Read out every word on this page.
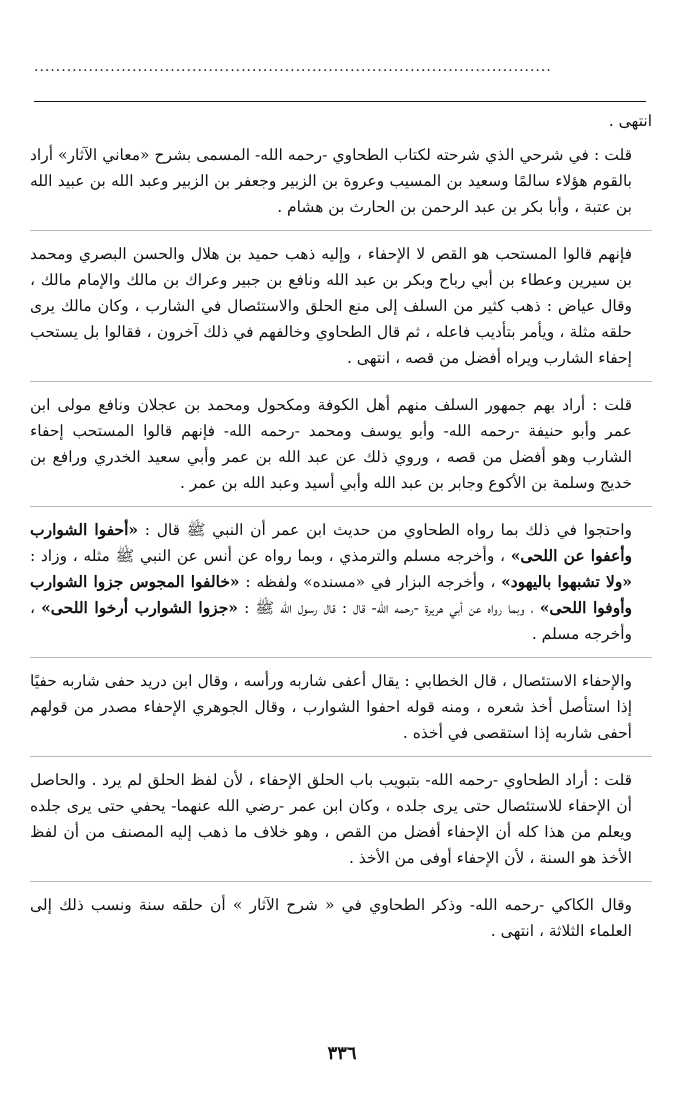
...............................................................................................

انتهى .

قلت : في شرحي الذي شرحته لكتاب الطحاوي -رحمه الله- المسمى بشرح «معاني الآثار» أراد بالقوم هؤلاء سالمًا وسعيد بن المسيب وعروة بن الزبير وجعفر بن الزبير وعبد الله بن عبيد الله بن عتبة ، وأبا بكر بن عبد الرحمن بن الحارث بن هشام .

فإنهم قالوا المستحب هو القص لا الإحفاء ، وإليه ذهب حميد بن هلال والحسن البصري ومحمد بن سيرين وعطاء بن أبي رباح وبكر بن عبد الله ونافع بن جبير وعراك بن مالك والإمام مالك ، وقال عياض : ذهب كثير من السلف إلى منع الحلق والاستئصال في الشارب ، وكان مالك يرى حلقه مثلة ، ويأمر بتأديب فاعله ، ثم قال الطحاوي وخالفهم في ذلك آخرون ، فقالوا بل يستحب إحفاء الشارب ويراه أفضل من قصه ، انتهى .

قلت : أراد بهم جمهور السلف منهم أهل الكوفة ومكحول ومحمد بن عجلان ونافع مولى ابن عمر وأبو حنيفة -رحمه الله- وأبو يوسف ومحمد -رحمه الله- فإنهم قالوا المستحب إحفاء الشارب وهو أفضل من قصه ، وروي ذلك عن عبد الله بن عمر وأبي سعيد الخدري ورافع بن خديج وسلمة بن الأكوع وجابر بن عبد الله وأبي أسيد وعبد الله بن عمر .

واحتجوا في ذلك بما رواه الطحاوي من حديث ابن عمر أن النبي ﷺ قال : «أحفوا الشوارب وأعفوا عن اللحى» ، وأخرجه مسلم والترمذي ، وبما رواه عن أنس عن النبي ﷺ مثله ، وزاد : «ولا تشبهوا باليهود» ، وأخرجه البزار في «مسنده» ولفظه : «خالفوا المجوس جزوا الشوارب وأوفوا اللحى» ، وبما رواه عن أبي هريرة -رحمه الله- قال : قال رسول الله ﷺ : «جزوا الشوارب أرخوا اللحى» ، وأخرجه مسلم .

والإحفاء الاستئصال ، قال الخطابي : يقال أعفى شاربه ورأسه ، وقال ابن دريد حفى شاربه حفيًا إذا استأصل أخذ شعره ، ومنه قوله احفوا الشوارب ، وقال الجوهري الإحفاء مصدر من قولهم أحفى شاربه إذا استقصى في أخذه .

قلت : أراد الطحاوي -رحمه الله- بتبويب باب الحلق الإحفاء ، لأن لفظ الحلق لم يرد . والحاصل أن الإحفاء للاستئصال حتى يرى جلده ، وكان ابن عمر -رضي الله عنهما- يحفي حتى يرى جلده ويعلم من هذا كله أن الإحفاء أفضل من القص ، وهو خلاف ما ذهب إليه المصنف من أن لفظ الأخذ هو السنة ، لأن الإحفاء أوفى من الأخذ .

وقال الكاكي -رحمه الله- وذكر الطحاوي في « شرح الآثار » أن حلقه سنة ونسب ذلك إلى العلماء الثلاثة ، انتهى .

٣٣٦
